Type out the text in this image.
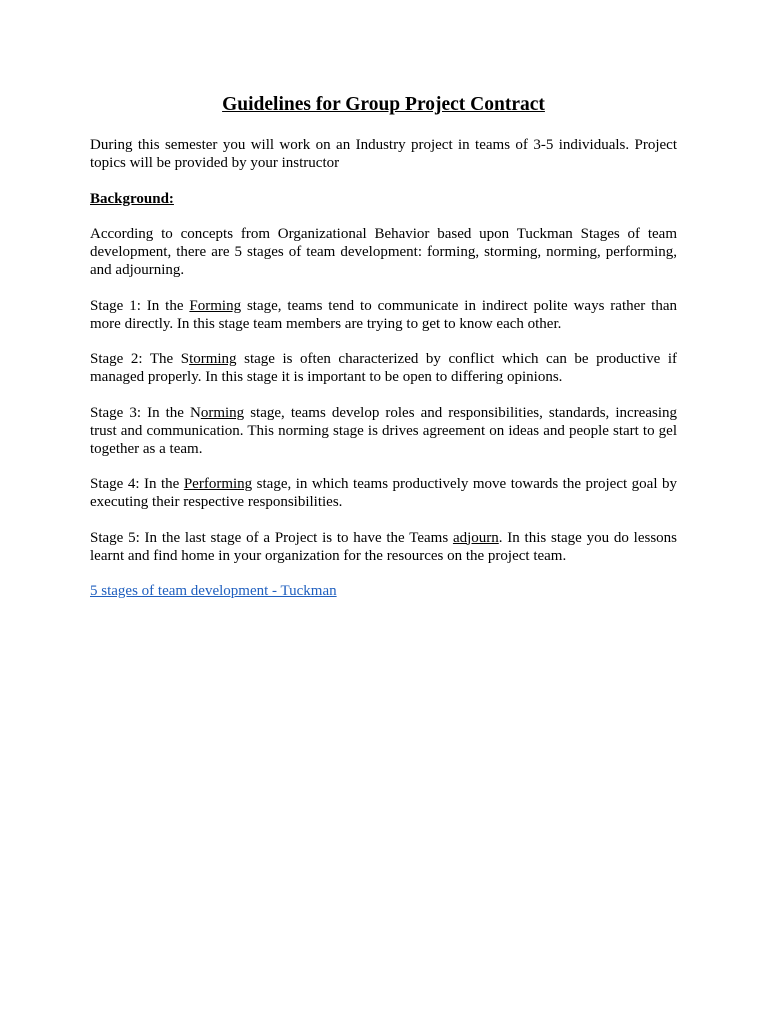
Guidelines for Group Project Contract

During this semester you will work on an Industry project in teams of 3-5 individuals. Project topics will be provided by your instructor

Background:

According to concepts from Organizational Behavior based upon Tuckman Stages of team development, there are 5 stages of team development: forming, storming, norming, performing, and adjourning.

Stage 1: In the Forming stage, teams tend to communicate in indirect polite ways rather than more directly. In this stage team members are trying to get to know each other.

Stage 2: The Storming stage is often characterized by conflict which can be productive if managed properly. In this stage it is important to be open to differing opinions.

Stage 3: In the Norming stage, teams develop roles and responsibilities, standards, increasing trust and communication. This norming stage is drives agreement on ideas and people start to gel together as a team.

Stage 4: In the Performing stage, in which teams productively move towards the project goal by executing their respective responsibilities.

Stage 5: In the last stage of a Project is to have the Teams adjourn. In this stage you do lessons learnt and find home in your organization for the resources on the project team.

5 stages of team development - Tuckman
